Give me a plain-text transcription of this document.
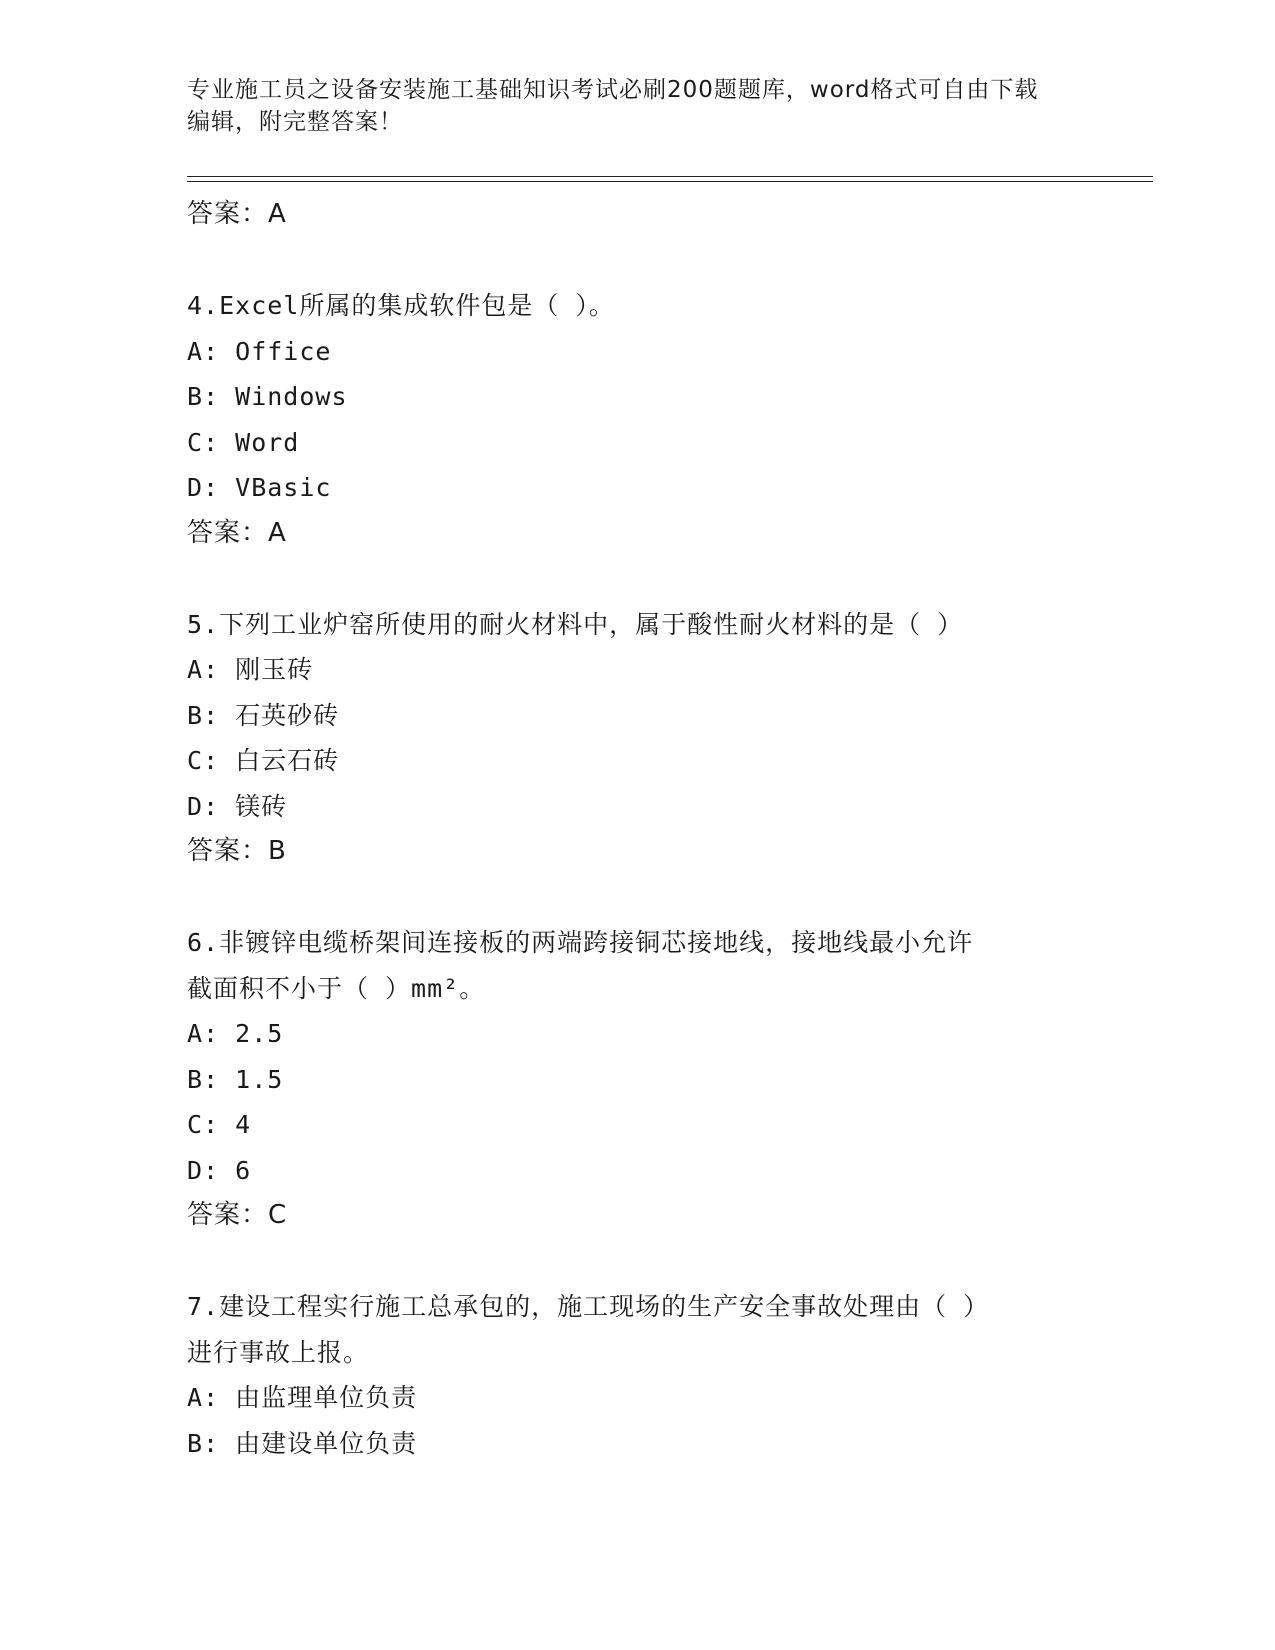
专业施工员之设备安装施工基础知识考试必刷200题题库，word格式可自由下载
编辑，附完整答案！
答案：A
4.Excel所属的集成软件包是（ ）。
A: Office
B: Windows
C: Word
D: VBasic
答案：A
5.下列工业炉窑所使用的耐火材料中，属于酸性耐火材料的是（ ）
A: 刚玉砖
B: 石英砂砖
C: 白云石砖
D: 镁砖
答案：B
6.非镀锌电缆桥架间连接板的两端跨接铜芯接地线，接地线最小允许
截面积不小于（ ）mm²。
A: 2.5
B: 1.5
C: 4
D: 6
答案：C
7.建设工程实行施工总承包的，施工现场的生产安全事故处理由（ ）
进行事故上报。
A: 由监理单位负责
B: 由建设单位负责
